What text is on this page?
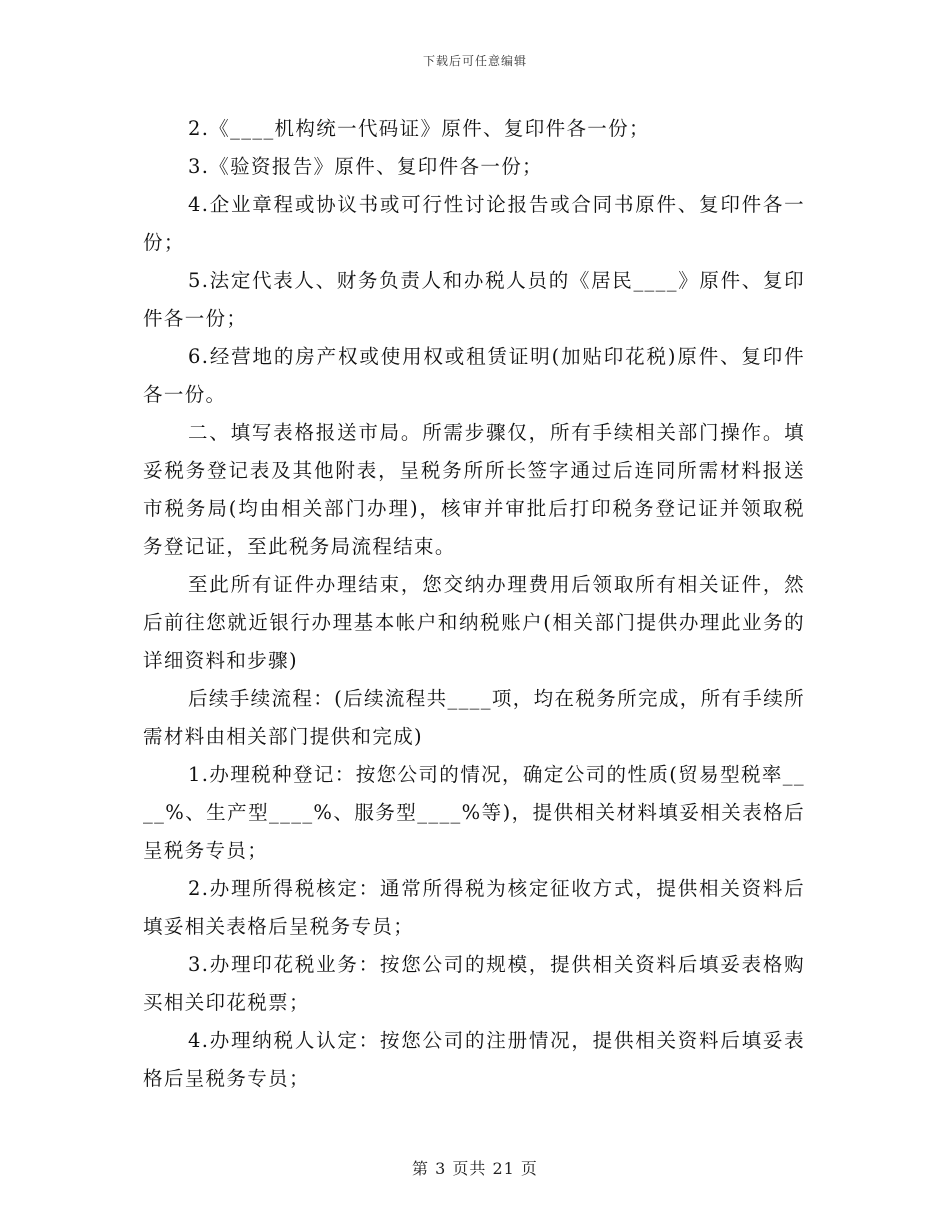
下载后可任意编辑

2.《____机构统一代码证》原件、复印件各一份；

3.《验资报告》原件、复印件各一份；

4.企业章程或协议书或可行性讨论报告或合同书原件、复印件各一份；

5.法定代表人、财务负责人和办税人员的《居民____》原件、复印件各一份；

6.经营地的房产权或使用权或租赁证明(加贴印花税)原件、复印件各一份。

二、填写表格报送市局。所需步骤仅，所有手续相关部门操作。填妥税务登记表及其他附表，呈税务所所长签字通过后连同所需材料报送市税务局(均由相关部门办理)，核审并审批后打印税务登记证并领取税务登记证，至此税务局流程结束。

至此所有证件办理结束，您交纳办理费用后领取所有相关证件，然后前往您就近银行办理基本帐户和纳税账户(相关部门提供办理此业务的详细资料和步骤)

后续手续流程：(后续流程共____项，均在税务所完成，所有手续所需材料由相关部门提供和完成)

1.办理税种登记：按您公司的情况，确定公司的性质(贸易型税率____%、生产型____%、服务型____%等)，提供相关材料填妥相关表格后呈税务专员；

2.办理所得税核定：通常所得税为核定征收方式，提供相关资料后填妥相关表格后呈税务专员；

3.办理印花税业务：按您公司的规模，提供相关资料后填妥表格购买相关印花税票；

4.办理纳税人认定：按您公司的注册情况，提供相关资料后填妥表格后呈税务专员；

第 3 页共 21 页
